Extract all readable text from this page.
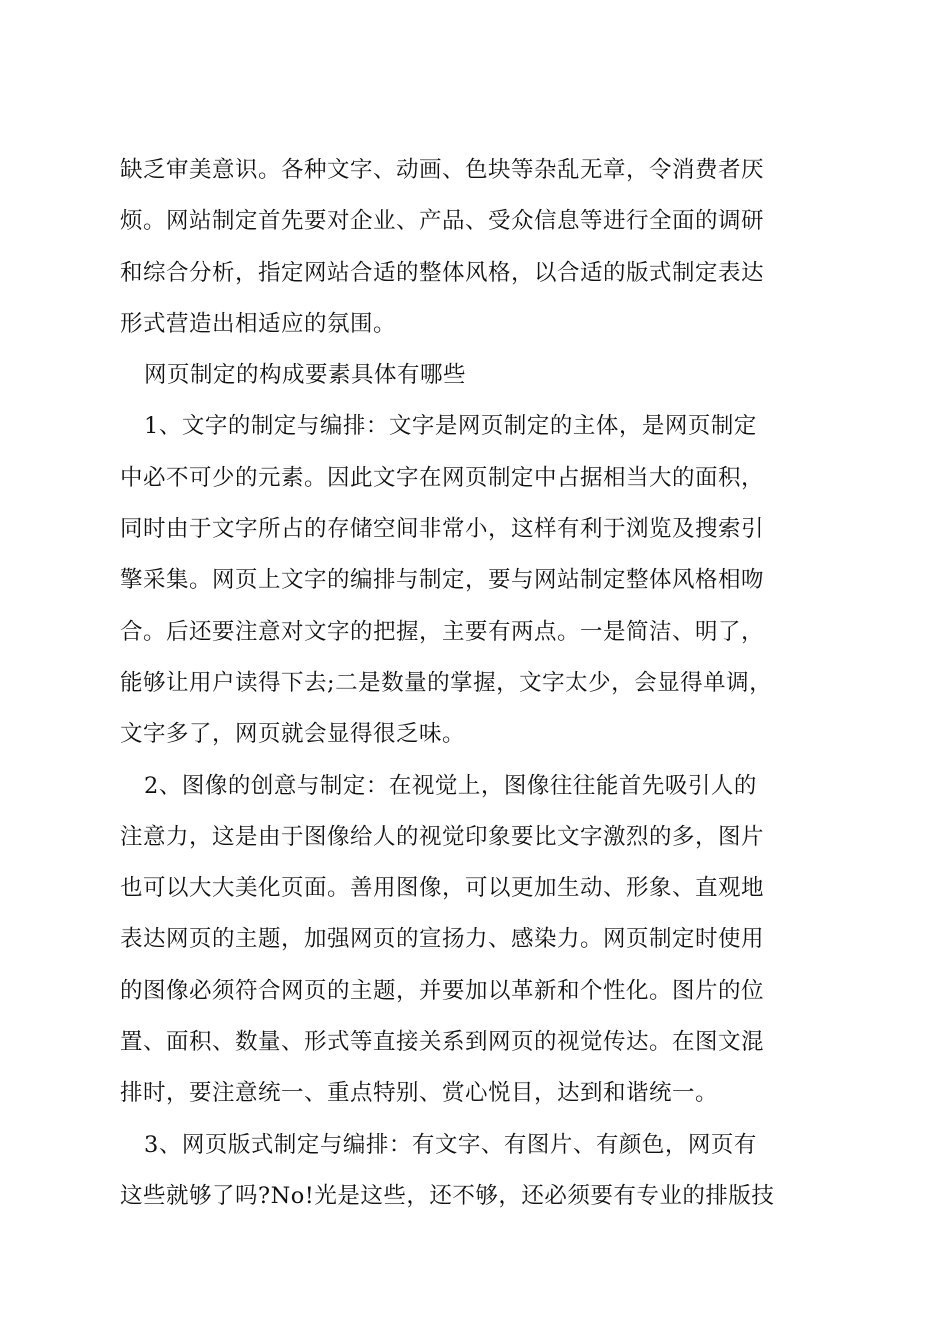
缺乏审美意识。各种文字、动画、色块等杂乱无章，令消费者厌
烦。网站制定首先要对企业、产品、受众信息等进行全面的调研
和综合分析，指定网站合适的整体风格，以合适的版式制定表达
形式营造出相适应的氛围。
网页制定的构成要素具体有哪些
1、文字的制定与编排：文字是网页制定的主体，是网页制定
中必不可少的元素。因此文字在网页制定中占据相当大的面积，
同时由于文字所占的存储空间非常小，这样有利于浏览及搜索引
擎采集。网页上文字的编排与制定，要与网站制定整体风格相吻
合。后还要注意对文字的把握，主要有两点。一是简洁、明了，
能够让用户读得下去;二是数量的掌握，文字太少，会显得单调，
文字多了，网页就会显得很乏味。
2、图像的创意与制定：在视觉上，图像往往能首先吸引人的
注意力，这是由于图像给人的视觉印象要比文字激烈的多，图片
也可以大大美化页面。善用图像，可以更加生动、形象、直观地
表达网页的主题，加强网页的宣扬力、感染力。网页制定时使用
的图像必须符合网页的主题，并要加以革新和个性化。图片的位
置、面积、数量、形式等直接关系到网页的视觉传达。在图文混
排时，要注意统一、重点特别、赏心悦目，达到和谐统一。
3、网页版式制定与编排：有文字、有图片、有颜色，网页有
这些就够了吗?No!光是这些，还不够，还必须要有专业的排版技
